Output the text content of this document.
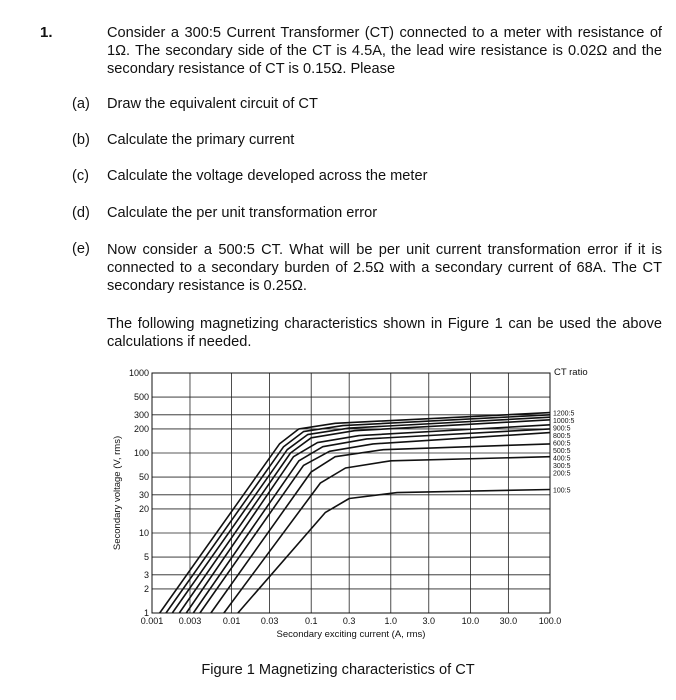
1.	Consider a 300:5 Current Transformer (CT) connected to a meter with resistance of 1Ω. The secondary side of the CT is 4.5A, the lead wire resistance is 0.02Ω and the secondary resistance of CT is 0.15Ω. Please
(a) Draw the equivalent circuit of CT
(b) Calculate the primary current
(c) Calculate the voltage developed across the meter
(d) Calculate the per unit transformation error
(e) Now consider a 500:5 CT. What will be per unit current transformation error if it is connected to a secondary burden of 2.5Ω with a secondary current of 68A. The CT secondary resistance is 0.25Ω.
The following magnetizing characteristics shown in Figure 1 can be used the above calculations if needed.
0.001 0.003 0.01 0.03	0.1	0.3	1.0	3.0	10.0 30.0 100.0
1
2
3
5
10
20
30
50
100
200
300
500
1000	CT ratio
1200:5
1000:5
900:5
800:5
600:5
500:5
400:5
300:5
200:5
100:5
Secondary exciting current (A, rms)
Secondary voltage (V, rms)
Figure 1 Magnetizing characteristics of CT
